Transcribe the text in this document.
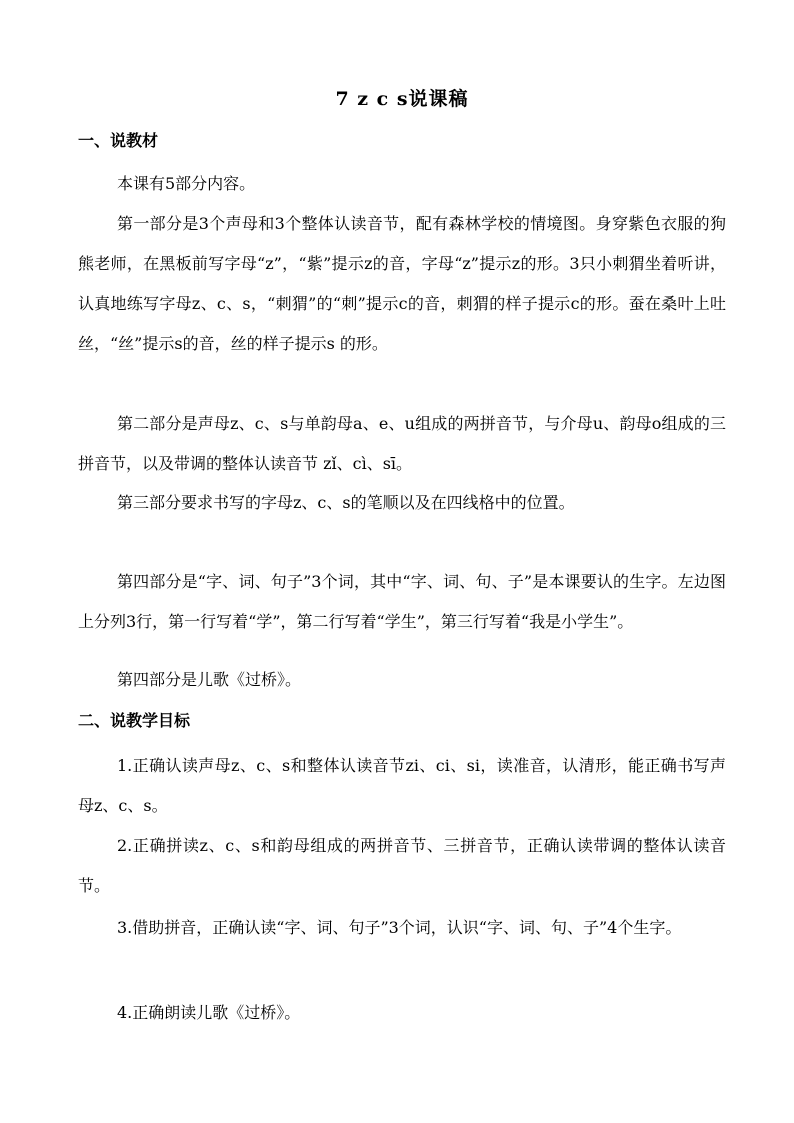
7 z c s说课稿
一、说教材
本课有5部分内容。
第一部分是3个声母和3个整体认读音节，配有森林学校的情境图。身穿紫色衣服的狗熊老师，在黑板前写字母“z”，“紫”提示z的音，字母“z”提示z的形。3只小刺猬坐着听讲，认真地练写字母z、c、s，“刺猬”的“刺”提示c的音，刺猬的样子提示c的形。蚕在桑叶上吐丝，“丝”提示s的音，丝的样子提示s 的形。
第二部分是声母z、c、s与单韵母a、e、u组成的两拼音节，与介母u、韵母o组成的三拼音节，以及带调的整体认读音节 zǐ、cì、sī。
第三部分要求书写的字母z、c、s的笔顺以及在四线格中的位置。
第四部分是“字、词、句子”3个词，其中“字、词、句、子”是本课要认的生字。左边图上分列3行，第一行写着“学”，第二行写着“学生”，第三行写着“我是小学生”。
第四部分是儿歌《过桥》。
二、说教学目标
1.正确认读声母z、c、s和整体认读音节zi、ci、si，读准音，认清形，能正确书写声母z、c、s。
2.正确拼读z、c、s和韵母组成的两拼音节、三拼音节，正确认读带调的整体认读音节。
3.借助拼音，正确认读“字、词、句子”3个词，认识“字、词、句、子”4个生字。
4.正确朗读儿歌《过桥》。
